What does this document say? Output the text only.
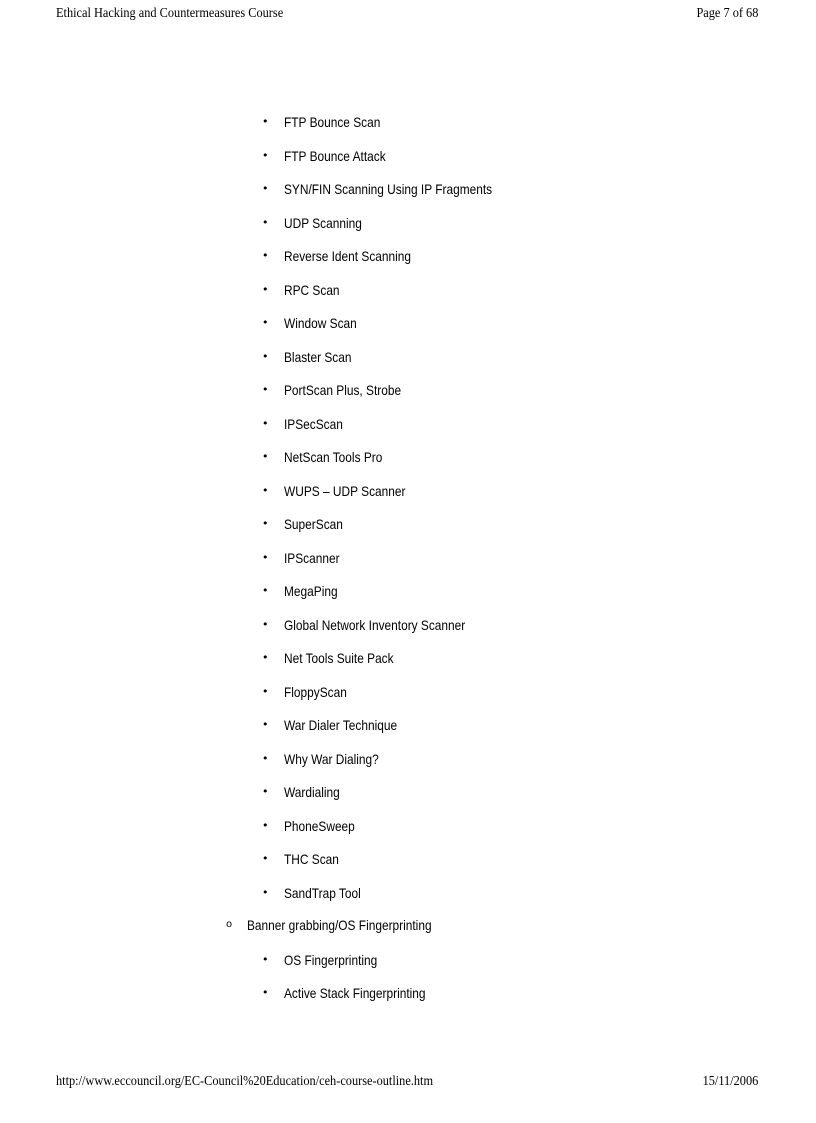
Ethical Hacking and Countermeasures Course	Page 7 of 68
• FTP Bounce Scan
• FTP Bounce Attack
• SYN/FIN Scanning Using IP Fragments
• UDP Scanning
• Reverse Ident Scanning
• RPC Scan
• Window Scan
• Blaster Scan
• PortScan Plus, Strobe
• IPSecScan
• NetScan Tools Pro
• WUPS – UDP Scanner
• SuperScan
• IPScanner
• MegaPing
• Global Network Inventory Scanner
• Net Tools Suite Pack
• FloppyScan
• War Dialer Technique
• Why War Dialing?
• Wardialing
• PhoneSweep
• THC Scan
• SandTrap Tool
o Banner grabbing/OS Fingerprinting
• OS Fingerprinting
• Active Stack Fingerprinting
http://www.eccouncil.org/EC-Council%20Education/ceh-course-outline.htm	15/11/2006
